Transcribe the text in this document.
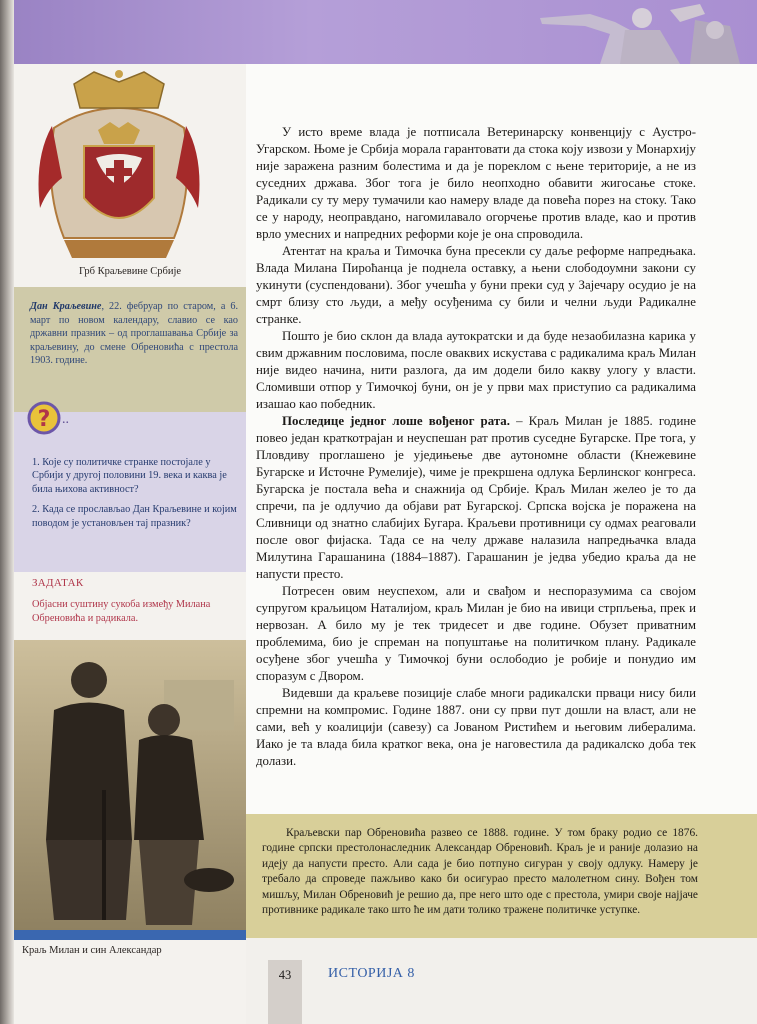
Грб Краљевине Србије
Дан Краљевине, 22. фебруар по старом, а 6. март по новом календару, славио се као државни празник – од проглашавања Србије за краљевину, до смене Обреновића с престола 1903. године.
? ..
1. Које су политичке странке постојале у Србији у другој половини 19. века и каква је била њихова активност?
2. Када се прослављао Дан Краљевине и којим поводом је установљен тај празник?
ЗАДАТАК
Објасни суштину сукоба између Милана Обреновића и радикала.
Краљ Милан и син Александар

У исто време влада је потписала Ветеринарску конвенцију с Аустро-Угарском. Њоме је Србија морала гарантовати да стока коју извози у Монархију није заражена разним болестима и да је пореклом с њене територије, а не из суседних држава. Због тога је било неопходно обавити жигосање стоке. Радикали су ту меру тумачили као намеру владе да повећа порез на стоку. Тако се у народу, неоправдано, нагомилавало огорчење против владе, као и против врло умесних и напредних реформи које је она спроводила.

Атентат на краља и Тимочка буна пресекли су даље реформе напредњака. Влада Милана Пироћанца је поднела оставку, а њени слободоумни закони су укинути (суспендовани). Због учешћа у буни преки суд у Зајечару осудио је на смрт близу сто људи, а међу осуђенима су били и челни људи Радикалне странке.

Пошто је био склон да влада аутократски и да буде незаобилазна карика у свим државним пословима, после оваквих искустава с радикалима краљ Милан није видео начина, нити разлога, да им додели било какву улогу у власти. Сломивши отпор у Тимочкој буни, он је у први мах приступио са радикалима изашао као победник.

Последице једног лоше вођеног рата. – Краљ Милан је 1885. године повео један краткотрајан и неуспешан рат против суседне Бугарске. Пре тога, у Пловдиву проглашено је уједињење две аутономне области (Кнежевине Бугарске и Источне Румелије), чиме је прекршена одлука Берлинског конгреса. Бугарска је постала већа и снажнија од Србије. Краљ Милан желео је то да спречи, па је одлучио да објави рат Бугарској. Српска војска је поражена на Сливници од знатно слабијих Бугара. Краљеви противници су одмах реаговали после овог фијаска. Тада се на челу државе налазила напредњачка влада Милутина Гарашанина (1884–1887). Гарашанин је једва убедио краља да не напусти престо.

Потресен овим неуспехом, али и свађом и неспоразумима са својом супругом краљицом Наталијом, краљ Милан је био на ивици стрпљења, прек и нервозан. А било му је тек тридесет и две године. Обузет приватним проблемима, био је спреман на попуштање на политичком плану. Радикале осуђене због учешћа у Тимочкој буни ослободио је робије и понудио им споразум с Двором.

Видевши да краљеве позиције слабе многи радикалски прваци нису били спремни на компромис. Године 1887. они су први пут дошли на власт, али не сами, већ у коалицији (савезу) са Јованом Ристићем и његовим либералима. Иако је та влада била кратког века, она је наговестила да радикалско доба тек долази.

Краљевски пар Обреновића развео се 1888. године. У том браку родио се 1876. године српски престолонаследник Александар Обреновић. Краљ је и раније долазио на идеју да напусти престо. Али сада је био потпуно сигуран у своју одлуку. Намеру је требало да спроведе пажљиво како би осигурао престо малолетном сину. Вођен том мишљу, Милан Обреновић је решио да, пре него што оде с престола, умири своје најјаче противнике радикале тако што ће им дати толико тражене политичке уступке.

43	ИСТОРИЈА 8
